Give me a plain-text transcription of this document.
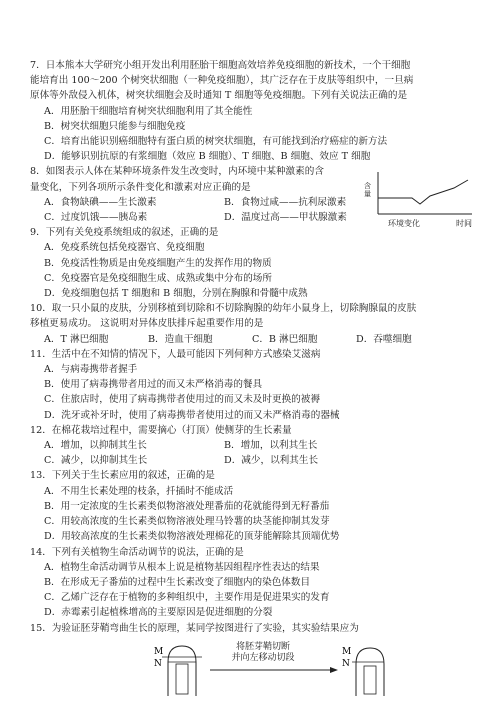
7．日本熊本大学研究小组开发出利用胚胎干细胞高效培养免疫细胞的新技术，一个干细胞

能培育出 100～200 个树突状细胞（一种免疫细胞），其广泛存在于皮肤等组织中，一旦病

原体等外敌侵入机体，树突状细胞会及时通知 T 细胞等免疫细胞。下列有关说法正确的是

A．用胚胎干细胞培育树突状细胞利用了其全能性

B．树突状细胞只能参与细胞免疫

C．培育出能识别癌细胞特有蛋白质的树突状细胞，有可能找到治疗癌症的新方法

D．能够识别抗原的有浆细胞（效应 B 细胞）、T 细胞、B 细胞、效应 T 细胞

8．如图表示人体在某种环境条件发生改变时，内环境中某种激素的含

量变化，下列各项所示条件变化和激素对应正确的是

A．食物缺碘——生长激素	B．食物过咸——抗利尿激素

C．过度饥饿——胰岛素	D．温度过高——甲状腺激素

含量
环境变化	时间

9．下列有关免疫系统组成的叙述，正确的是

A．免疫系统包括免疫器官、免疫细胞

B．免疫活性物质是由免疫细胞产生的发挥作用的物质

C．免疫器官是免疫细胞生成、成熟或集中分布的场所

D．免疫细胞包括 T 细胞和 B 细胞，分别在胸腺和骨髓中成熟

10．取一只小鼠的皮肤，分别移植到切除和不切除胸腺的幼年小鼠身上，切除胸腺鼠的皮肤

移植更易成功。 这说明对异体皮肤排斥起重要作用的是

A．T 淋巴细胞	B．造血干细胞	C．B 淋巴细胞	D．吞噬细胞

11．生活中在不知情的情况下，人最可能因下列何种方式感染艾滋病

A．与病毒携带者握手

B．使用了病毒携带者用过的而又未严格消毒的餐具

C．住旅店时，使用了病毒携带者使用过的而又未及时更换的被褥

D．洗牙或补牙时，使用了病毒携带者使用过的而又未严格消毒的器械

12．在棉花栽培过程中，需要摘心（打顶）使侧芽的生长素量

A．增加，以抑制其生长	B．增加，以利其生长

C．减少，以抑制其生长	D．减少，以利其生长

13．下列关于生长素应用的叙述，正确的是

A．不用生长素处理的枝条，扦插时不能成活

B．用一定浓度的生长素类似物溶液处理番茄的花就能得到无籽番茄

C．用较高浓度的生长素类似物溶液处理马铃薯的块茎能抑制其发芽

D．用较高浓度的生长素类似物溶液处理棉花的顶芽能解除其顶端优势

14．下列有关植物生命活动调节的说法，正确的是

A．植物生命活动调节从根本上说是植物基因组程序性表达的结果

B．在形成无子番茄的过程中生长素改变了细胞内的染色体数目

C．乙烯广泛存在于植物的多种组织中，主要作用是促进果实的发育

D．赤霉素引起植株增高的主要原因是促进细胞的分裂

15．为验证胚芽鞘弯曲生长的原理，某同学按图进行了实验，其实验结果应为

M
N
M
N
将胚芽鞘切断
并向左移动切段
